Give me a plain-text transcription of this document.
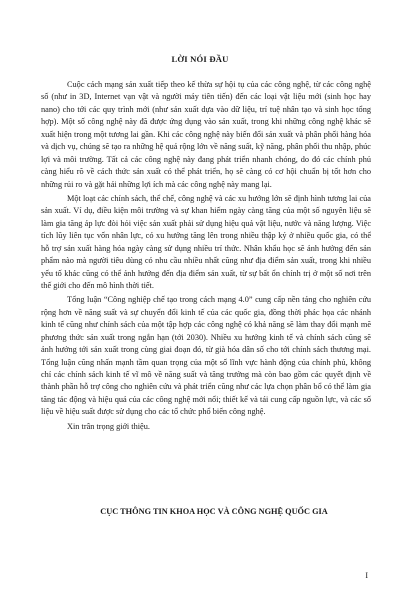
LỜI NÓI ĐẦU

Cuộc cách mạng sản xuất tiếp theo kế thừa sự hội tụ của các công nghệ, từ các công nghệ số (như in 3D, Internet vạn vật và người máy tiên tiến) đến các loại vật liệu mới (sinh học hay nano) cho tới các quy trình mới (như sản xuất dựa vào dữ liệu, trí tuệ nhân tạo và sinh học tổng hợp). Một số công nghệ này đã được ứng dụng vào sản xuất, trong khi những công nghệ khác sẽ xuất hiện trong một tương lai gần. Khi các công nghệ này biến đổi sản xuất và phân phối hàng hóa và dịch vụ, chúng sẽ tạo ra những hệ quả rộng lớn về năng suất, kỹ năng, phân phối thu nhập, phúc lợi và môi trường. Tất cả các công nghệ này đang phát triển nhanh chóng, do đó các chính phủ càng hiểu rõ về cách thức sản xuất có thể phát triển, họ sẽ càng có cơ hội chuẩn bị tốt hơn cho những rủi ro và gặt hái những lợi ích mà các công nghệ này mang lại.

Một loạt các chính sách, thể chế, công nghệ và các xu hướng lớn sẽ định hình tương lai của sản xuất. Ví dụ, điều kiện môi trường và sự khan hiếm ngày càng tăng của một số nguyên liệu sẽ làm gia tăng áp lực đòi hỏi việc sản xuất phải sử dụng hiệu quả vật liệu, nước và năng lượng. Việc tích lũy liên tục vốn nhân lực, có xu hướng tăng lên trong nhiều thập kỷ ở nhiều quốc gia, có thể hỗ trợ sản xuất hàng hóa ngày càng sử dụng nhiều trí thức. Nhân khẩu học sẽ ảnh hưởng đến sản phẩm nào mà người tiêu dùng có nhu cầu nhiều nhất cũng như địa điểm sản xuất, trong khi nhiều yếu tố khác cũng có thể ảnh hưởng đến địa điểm sản xuất, từ sự bất ổn chính trị ở một số nơi trên thế giới cho đến mô hình thời tiết.

Tổng luận “Công nghiệp chế tạo trong cách mạng 4.0” cung cấp nền tảng cho nghiên cứu rộng hơn về năng suất và sự chuyển đổi kinh tế của các quốc gia, đồng thời phác họa các nhánh kinh tế cũng như chính sách của một tập hợp các công nghệ có khả năng sẽ làm thay đổi mạnh mẽ phương thức sản xuất trong ngắn hạn (tới 2030). Nhiều xu hướng kinh tế và chính sách cũng sẽ ảnh hưởng tới sản xuất trong cùng giai đoạn đó, từ già hóa dân số cho tới chính sách thương mại. Tổng luận cũng nhấn mạnh tầm quan trọng của một số lĩnh vực hành động của chính phủ, không chỉ các chính sách kinh tế vĩ mô về năng suất và tăng trưởng mà còn bao gồm các quyết định về thành phần hỗ trợ công cho nghiên cứu và phát triển cũng như các lựa chọn phân bổ có thể làm gia tăng tác động và hiệu quả của các công nghệ mới nổi; thiết kế và tái cung cấp nguồn lực, và các số liệu về hiệu suất được sử dụng cho các tổ chức phổ biến công nghệ.

Xin trân trọng giới thiệu.

CỤC THÔNG TIN KHOA HỌC VÀ CÔNG NGHỆ QUỐC GIA
I
